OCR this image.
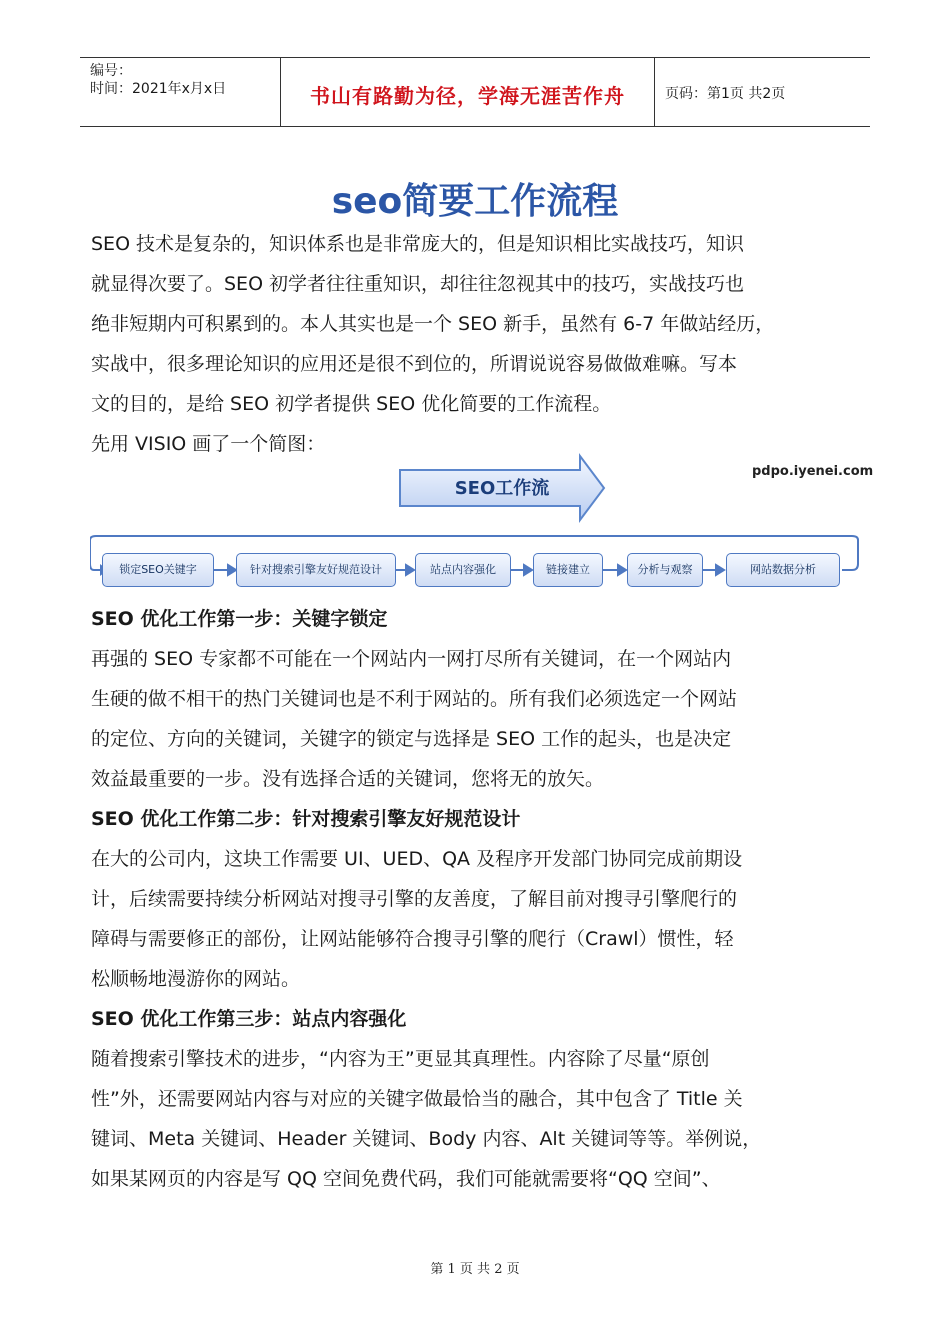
编号：
时间：2021年x月x日	书山有路勤为径，学海无涯苦作舟	页码：第1页 共2页
seo简要工作流程
SEO 技术是复杂的，知识体系也是非常庞大的，但是知识相比实战技巧，知识
就显得次要了。SEO 初学者往往重知识，却往往忽视其中的技巧，实战技巧也
绝非短期内可积累到的。本人其实也是一个 SEO 新手，虽然有 6-7 年做站经历，
实战中，很多理论知识的应用还是很不到位的，所谓说说容易做做难嘛。写本
文的目的，是给 SEO 初学者提供 SEO 优化简要的工作流程。
先用 VISIO 画了一个简图：
SEO工作流
pdpo.iyenei.com
锁定SEO关键字	针对搜索引擎友好规范设计	站点内容强化	链接建立	分析与观察	网站数据分析
SEO 优化工作第一步：关键字锁定
再强的 SEO 专家都不可能在一个网站内一网打尽所有关键词，在一个网站内
生硬的做不相干的热门关键词也是不利于网站的。所有我们必须选定一个网站
的定位、方向的关键词，关键字的锁定与选择是 SEO 工作的起头，也是决定
效益最重要的一步。没有选择合适的关键词，您将无的放矢。
SEO 优化工作第二步：针对搜索引擎友好规范设计
在大的公司内，这块工作需要 UI、UED、QA 及程序开发部门协同完成前期设
计，后续需要持续分析网站对搜寻引擎的友善度，了解目前对搜寻引擎爬行的
障碍与需要修正的部份，让网站能够符合搜寻引擎的爬行（Crawl）惯性，轻
松顺畅地漫游你的网站。
SEO 优化工作第三步：站点内容强化
随着搜索引擎技术的进步，“内容为王”更显其真理性。内容除了尽量“原创
性”外，还需要网站内容与对应的关键字做最恰当的融合，其中包含了 Title 关
键词、Meta 关键词、Header 关键词、Body 内容、Alt 关键词等等。举例说，
如果某网页的内容是写 QQ 空间免费代码，我们可能就需要将“QQ 空间”、
第 1 页 共 2 页
